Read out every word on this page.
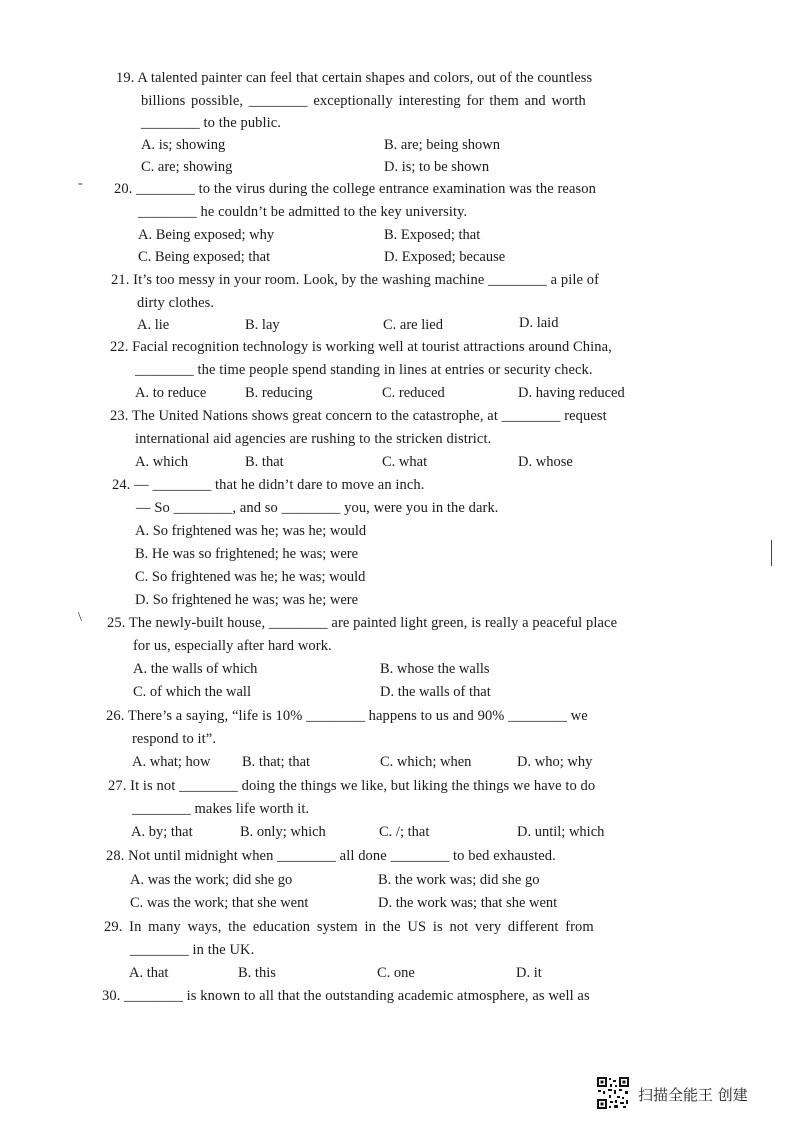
19. A talented painter can feel that certain shapes and colors, out of the countless
billions possible, ________ exceptionally interesting for them and worth
________ to the public.
A. is; showing	B. are; being shown
C. are; showing	D. is; to be shown
- 20. ________ to the virus during the college entrance examination was the reason
________ he couldn’t be admitted to the key university.
A. Being exposed; why	B. Exposed; that
C. Being exposed; that	D. Exposed; because
21. It’s too messy in your room. Look, by the washing machine ________ a pile of
dirty clothes.
A. lie	B. lay	C. are lied	D. laid
22. Facial recognition technology is working well at tourist attractions around China,
________ the time people spend standing in lines at entries or security check.
A. to reduce	B. reducing	C. reduced	D. having reduced
23. The United Nations shows great concern to the catastrophe, at ________ request
international aid agencies are rushing to the stricken district.
A. which	B. that	C. what	D. whose
24. — ________ that he didn’t dare to move an inch.
— So ________, and so ________ you, were you in the dark.
A. So frightened was he; was he; would
B. He was so frightened; he was; were
C. So frightened was he; he was; would
D. So frightened he was; was he; were
\ 25. The newly-built house, ________ are painted light green, is really a peaceful place
for us, especially after hard work.
A. the walls of which	B. whose the walls
C. of which the wall	D. the walls of that
26. There’s a saying, “life is 10% ________ happens to us and 90% ________ we
respond to it”.
A. what; how B. that; that	C. which; when	D. who; why
27. It is not ________ doing the things we like, but liking the things we have to do
________ makes life worth it.
A. by; that	B. only; which	C. /; that	D. until; which
28. Not until midnight when ________ all done ________ to bed exhausted.
A. was the work; did she go	B. the work was; did she go
C. was the work; that she went	D. the work was; that she went
29. In many ways, the education system in the US is not very different from
________ in the UK.
A. that	B. this	C. one	D. it
30. ________ is known to all that the outstanding academic atmosphere, as well as
扫描全能王 创建
